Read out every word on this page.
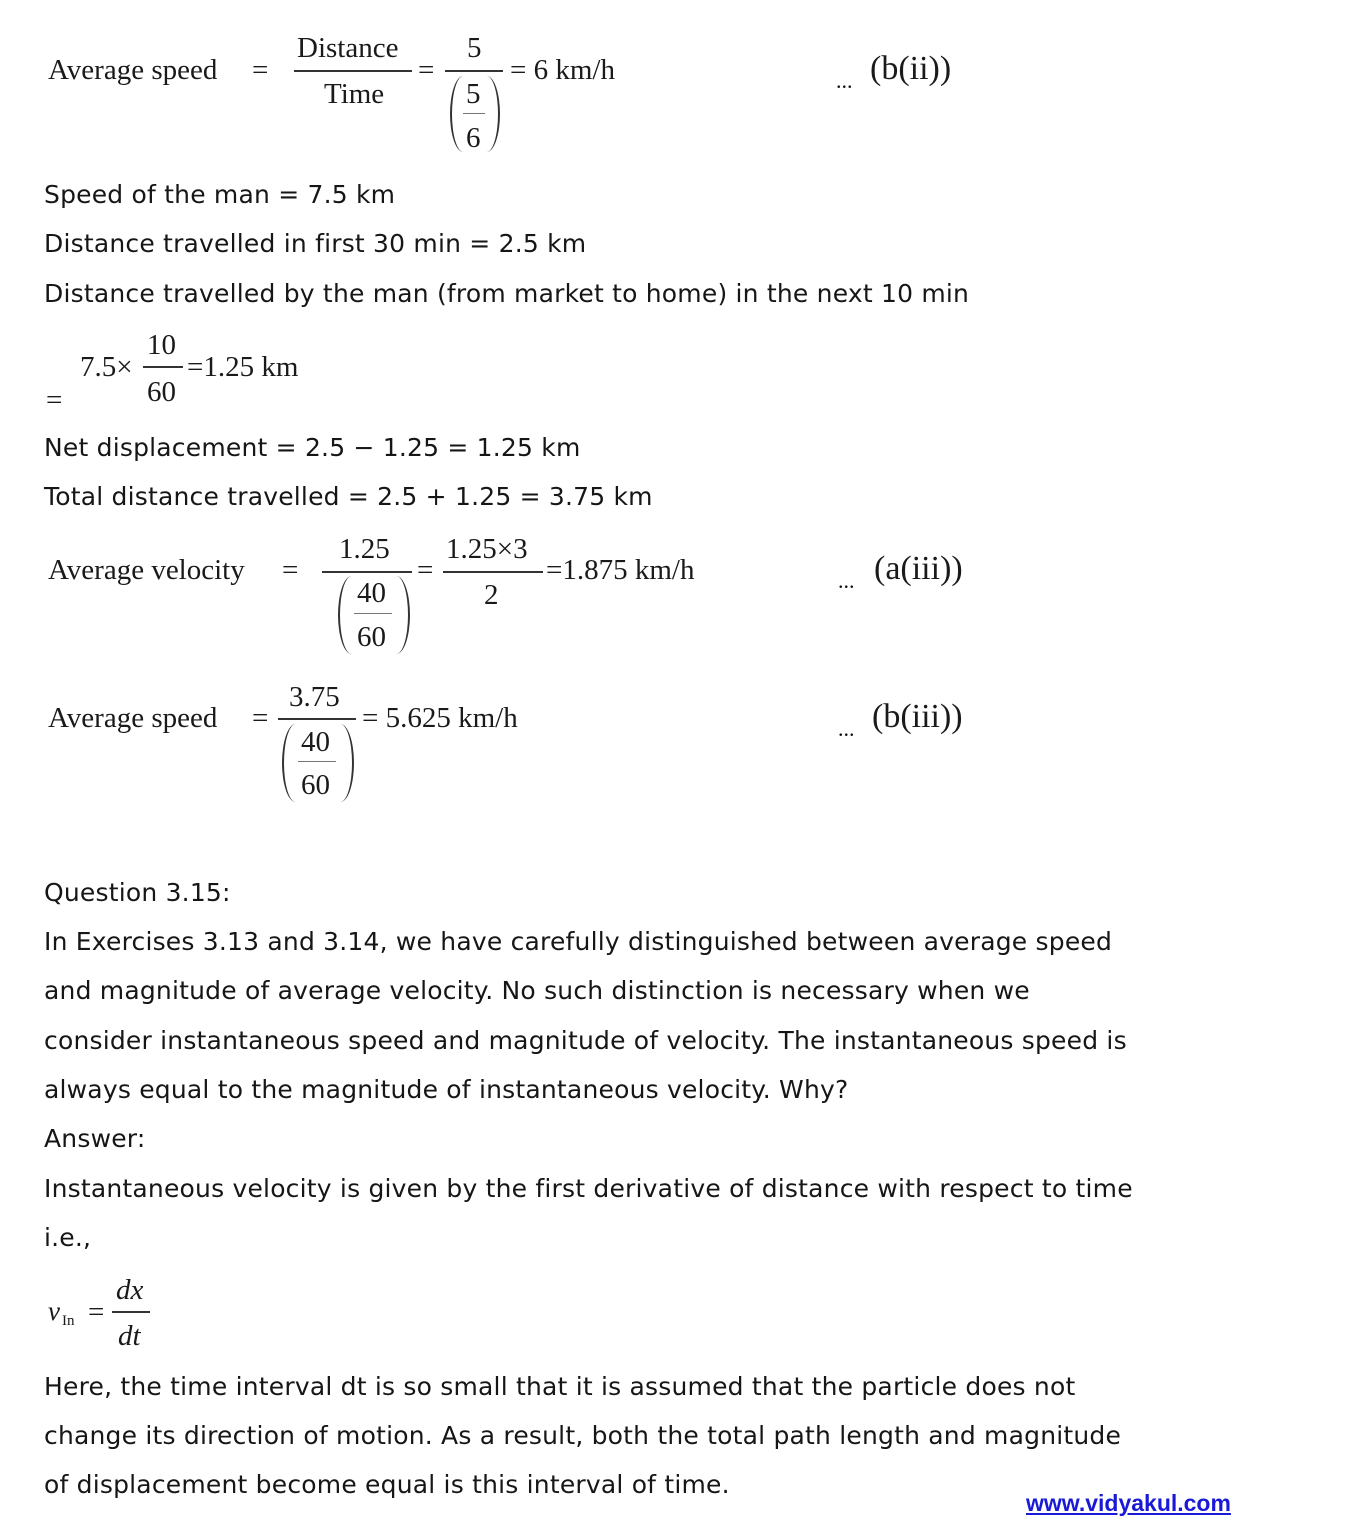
Average speed =
Distance
Time
=
5
5
6
= 6 km/h	... (b(ii))
Speed of the man = 7.5 km
Distance travelled in first 30 min = 2.5 km
Distance travelled by the man (from market to home) in the next 10 min
=
7.5×
10
60
=1.25 km
Net displacement = 2.5 − 1.25 = 1.25 km
Total distance travelled = 2.5 + 1.25 = 3.75 km
Average velocity =
1.25
40
60
=
1.25×3
2
=1.875 km/h	... (a(iii))
Average speed =
3.75
40
60
= 5.625 km/h	... (b(iii))
Question 3.15:
In Exercises 3.13 and 3.14, we have carefully distinguished between average speed
and magnitude of average velocity. No such distinction is necessary when we
consider instantaneous speed and magnitude of velocity. The instantaneous speed is
always equal to the magnitude of instantaneous velocity. Why?
Answer:
Instantaneous velocity is given by the first derivative of distance with respect to time
i.e.,
v In =
dx
dt
Here, the time interval dt is so small that it is assumed that the particle does not
change its direction of motion. As a result, both the total path length and magnitude
of displacement become equal is this interval of time.
www.vidyakul.com
